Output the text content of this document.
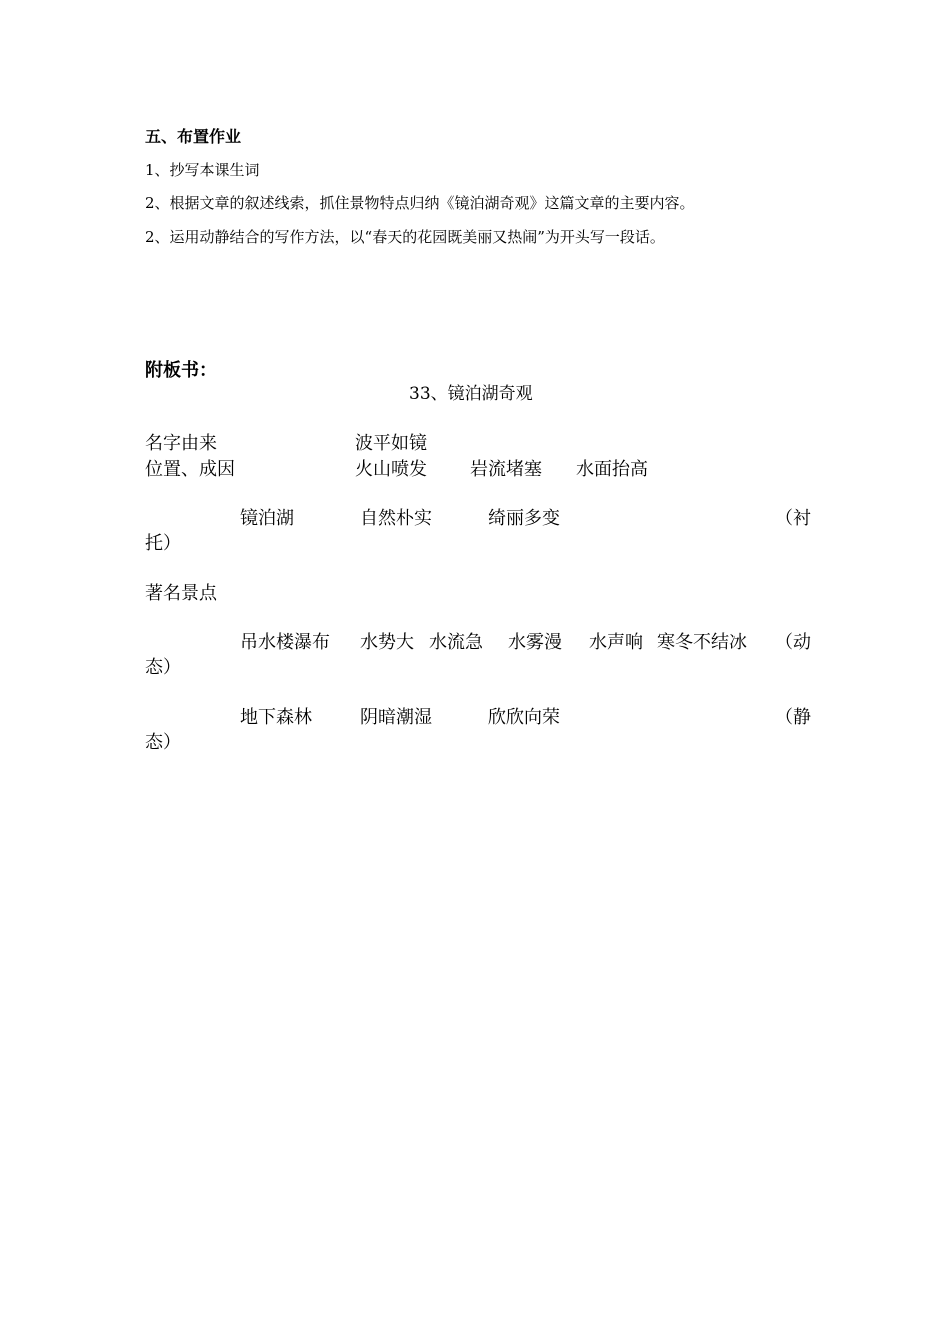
五、布置作业
1、抄写本课生词
2、根据文章的叙述线索，抓住景物特点归纳《镜泊湖奇观》这篇文章的主要内容。
2、运用动静结合的写作方法，以“春天的花园既美丽又热闹”为开头写一段话。
附板书：
33、镜泊湖奇观
名字由来	波平如镜
位置、成因	火山喷发 岩流堵塞 水面抬高
镜泊湖	自然朴实	绮丽多变	（衬
托）
著名景点
吊水楼瀑布 水势大 水流急 水雾漫 水声响 寒冬不结冰 （动
态）
地下森林	阴暗潮湿	欣欣向荣	（静
态）
